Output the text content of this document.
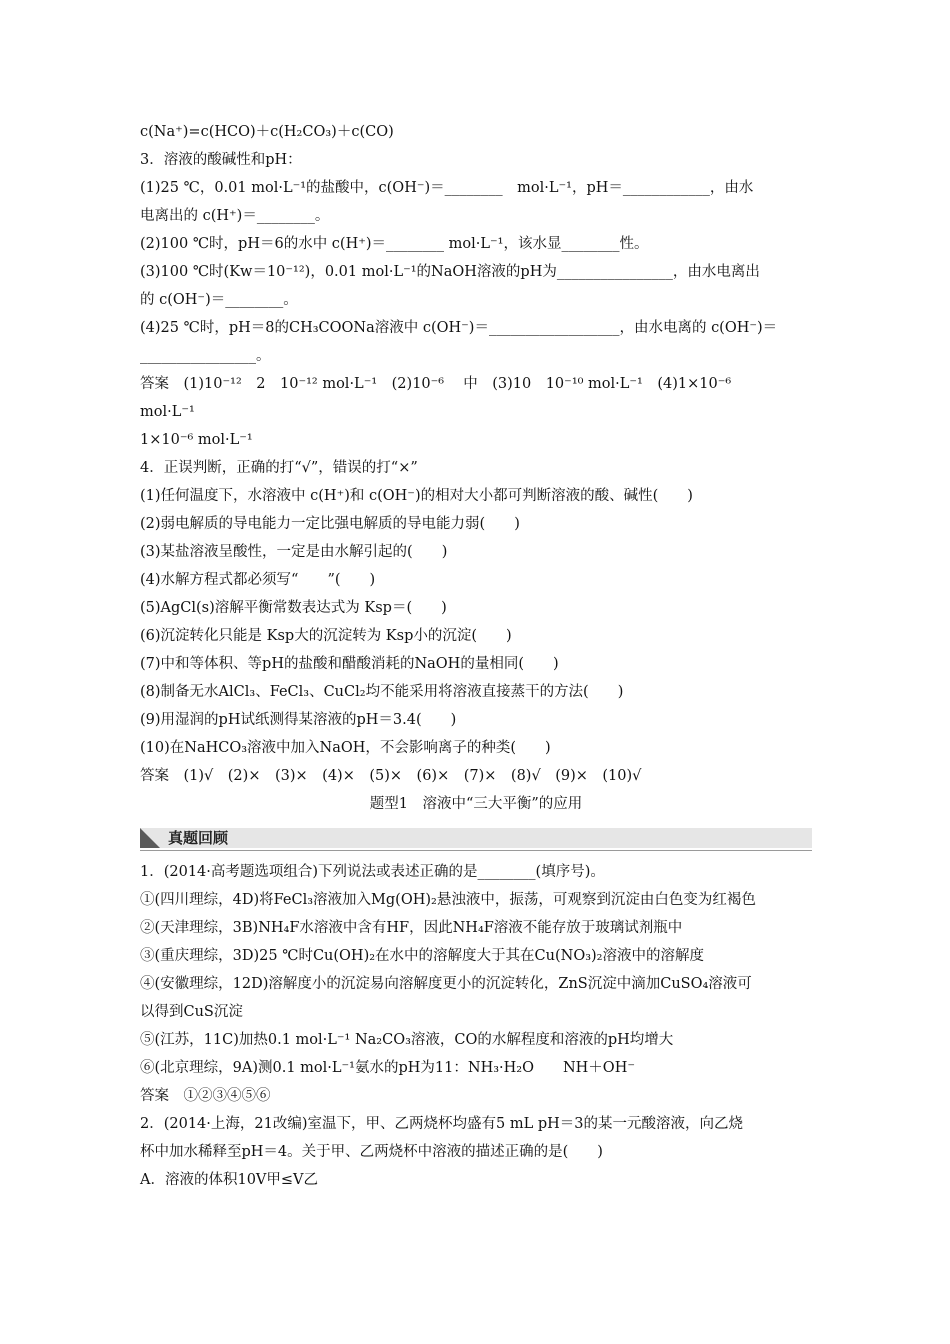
c(Na⁺)=c(HCO)＋c(H₂CO₃)＋c(CO)
3．溶液的酸碱性和pH：
(1)25 ℃，0.01 mol·L⁻¹的盐酸中，c(OH⁻)＝________　mol·L⁻¹，pH＝____________，由水
电离出的 c(H⁺)＝________。
(2)100 ℃时，pH＝6的水中 c(H⁺)＝________ mol·L⁻¹，该水显________性。
(3)100 ℃时(Kw＝10⁻¹²)，0.01 mol·L⁻¹的NaOH溶液的pH为________________，由水电离出
的 c(OH⁻)＝________。
(4)25 ℃时，pH＝8的CH₃COONa溶液中 c(OH⁻)＝__________________，由水电离的 c(OH⁻)＝
________________。
答案　(1)10⁻¹²　2　10⁻¹² mol·L⁻¹　(2)10⁻⁶　 中　(3)10　10⁻¹⁰ mol·L⁻¹　(4)1×10⁻⁶
mol·L⁻¹
1×10⁻⁶ mol·L⁻¹
4．正误判断，正确的打“√”，错误的打“×”
(1)任何温度下，水溶液中 c(H⁺)和 c(OH⁻)的相对大小都可判断溶液的酸、碱性(　　)
(2)弱电解质的导电能力一定比强电解质的导电能力弱(　　)
(3)某盐溶液呈酸性，一定是由水解引起的(　　)
(4)水解方程式都必须写“　　”(　　)
(5)AgCl(s)溶解平衡常数表达式为 Ksp＝(　　)
(6)沉淀转化只能是 Ksp大的沉淀转为 Ksp小的沉淀(　　)
(7)中和等体积、等pH的盐酸和醋酸消耗的NaOH的量相同(　　)
(8)制备无水AlCl₃、FeCl₃、CuCl₂均不能采用将溶液直接蒸干的方法(　　)
(9)用湿润的pH试纸测得某溶液的pH＝3.4(　　)
(10)在NaHCO₃溶液中加入NaOH，不会影响离子的种类(　　)
答案　(1)√　(2)×　(3)×　(4)×　(5)×　(6)×　(7)×　(8)√　(9)×　(10)√
题型1　溶液中“三大平衡”的应用
真题回顾
1．(2014·高考题选项组合)下列说法或表述正确的是________(填序号)。
①(四川理综，4D)将FeCl₃溶液加入Mg(OH)₂悬浊液中，振荡，可观察到沉淀由白色变为红褐色
②(天津理综，3B)NH₄F水溶液中含有HF，因此NH₄F溶液不能存放于玻璃试剂瓶中
③(重庆理综，3D)25 ℃时Cu(OH)₂在水中的溶解度大于其在Cu(NO₃)₂溶液中的溶解度
④(安徽理综，12D)溶解度小的沉淀易向溶解度更小的沉淀转化，ZnS沉淀中滴加CuSO₄溶液可
以得到CuS沉淀
⑤(江苏，11C)加热0.1 mol·L⁻¹ Na₂CO₃溶液，CO的水解程度和溶液的pH均增大
⑥(北京理综，9A)测0.1 mol·L⁻¹氨水的pH为11：NH₃·H₂O　　NH＋OH⁻
答案　①②③④⑤⑥
2．(2014·上海，21改编)室温下，甲、乙两烧杯均盛有5 mL pH＝3的某一元酸溶液，向乙烧
杯中加水稀释至pH＝4。关于甲、乙两烧杯中溶液的描述正确的是(　　)
A．溶液的体积10V甲≤V乙
